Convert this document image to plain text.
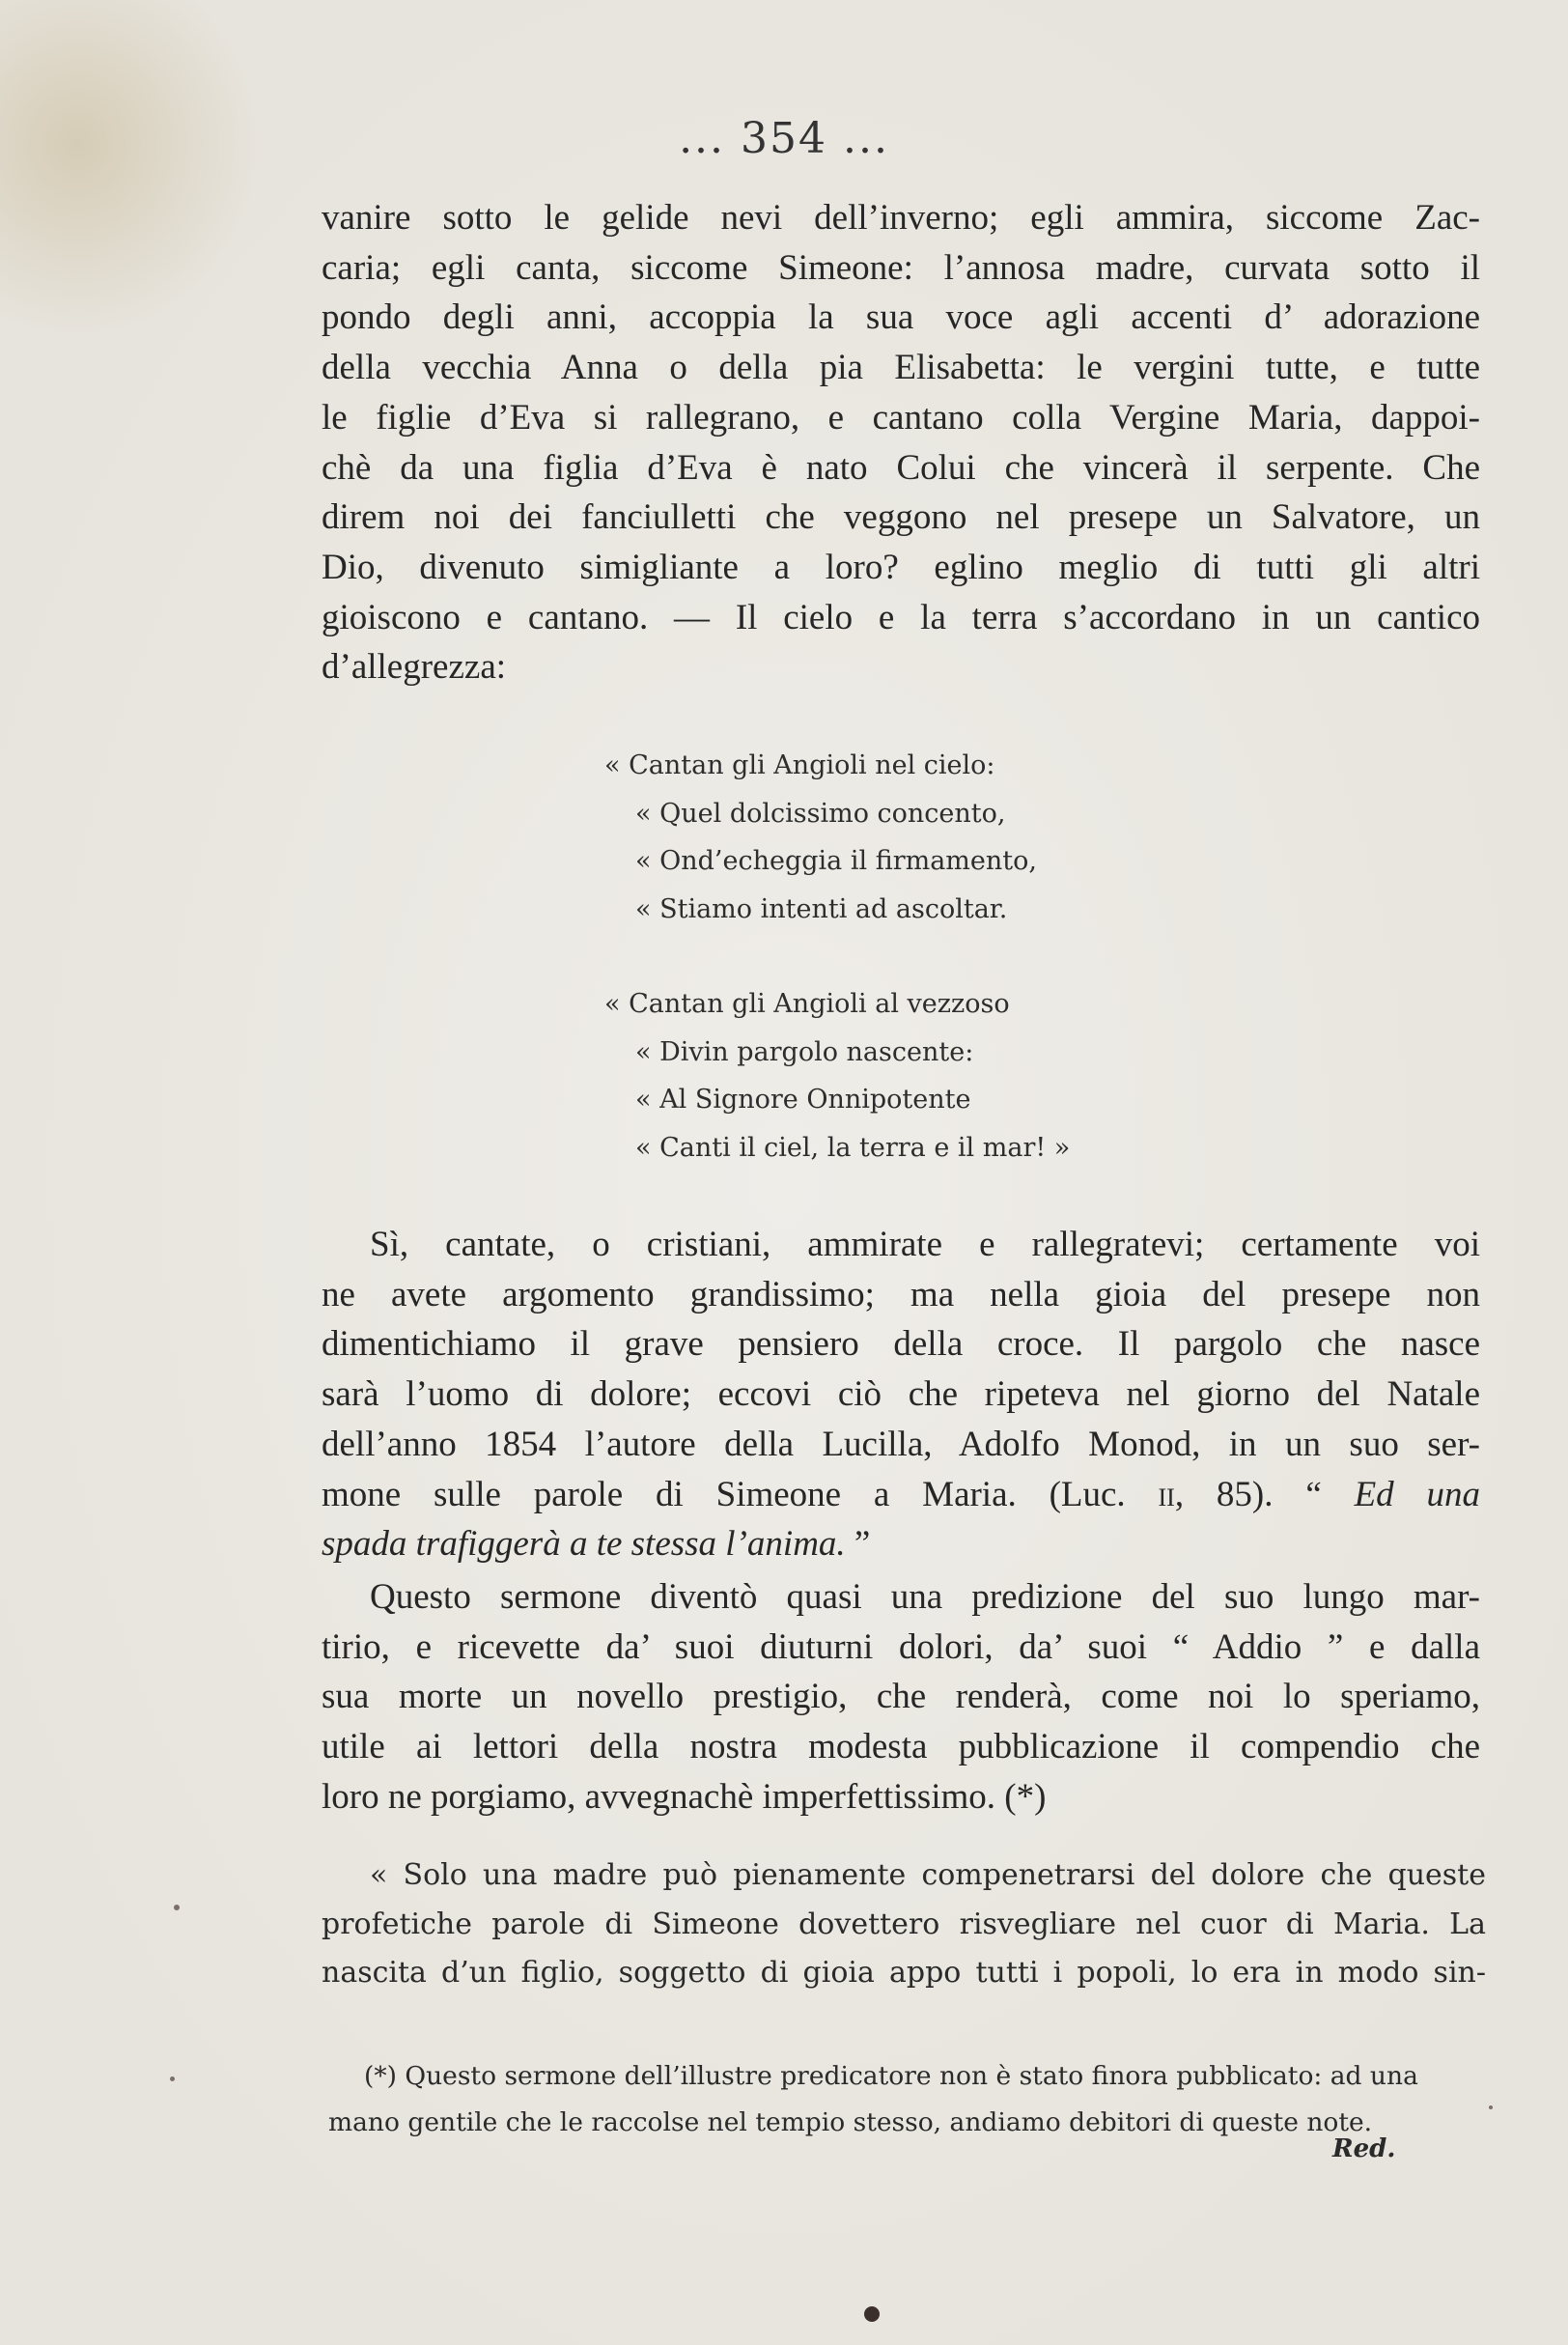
... 354 ...
vanire sotto le gelide nevi dell’inverno; egli ammira, siccome Zac-
caria; egli canta, siccome Simeone: l’annosa madre, curvata sotto il
pondo degli anni, accoppia la sua voce agli accenti d’ adorazione
della vecchia Anna o della pia Elisabetta: le vergini tutte, e tutte
le figlie d’Eva si rallegrano, e cantano colla Vergine Maria, dappoi-
chè da una figlia d’Eva è nato Colui che vincerà il serpente. Che
direm noi dei fanciulletti che veggono nel presepe un Salvatore, un
Dio, divenuto simigliante a loro? eglino meglio di tutti gli altri
gioiscono e cantano. — Il cielo e la terra s’accordano in un cantico
d’allegrezza:
« Cantan gli Angioli nel cielo:
« Quel dolcissimo concento,
« Ond’echeggia il firmamento,
« Stiamo intenti ad ascoltar.
« Cantan gli Angioli al vezzoso
« Divin pargolo nascente:
« Al Signore Onnipotente
« Canti il ciel, la terra e il mar! »
Sì, cantate, o cristiani, ammirate e rallegratevi; certamente voi
ne avete argomento grandissimo; ma nella gioia del presepe non
dimentichiamo il grave pensiero della croce. Il pargolo che nasce
sarà l’uomo di dolore; eccovi ciò che ripeteva nel giorno del Natale
dell’anno 1854 l’autore della Lucilla, Adolfo Monod, in un suo ser-
mone sulle parole di Simeone a Maria. (Luc. ii, 85). “ Ed una
spada trafiggerà a te stessa l’anima. ”
Questo sermone diventò quasi una predizione del suo lungo mar-
tirio, e ricevette da’ suoi diuturni dolori, da’ suoi “ Addio ” e dalla
sua morte un novello prestigio, che renderà, come noi lo speriamo,
utile ai lettori della nostra modesta pubblicazione il compendio che
loro ne porgiamo, avvegnachè imperfettissimo. (*)
« Solo una madre può pienamente compenetrarsi del dolore che queste
profetiche parole di Simeone dovettero risvegliare nel cuor di Maria. La
nascita d’un figlio, soggetto di gioia appo tutti i popoli, lo era in modo sin-
(*) Questo sermone dell’illustre predicatore non è stato finora pubblicato: ad una
mano gentile che le raccolse nel tempio stesso, andiamo debitori di queste note.
Red.
